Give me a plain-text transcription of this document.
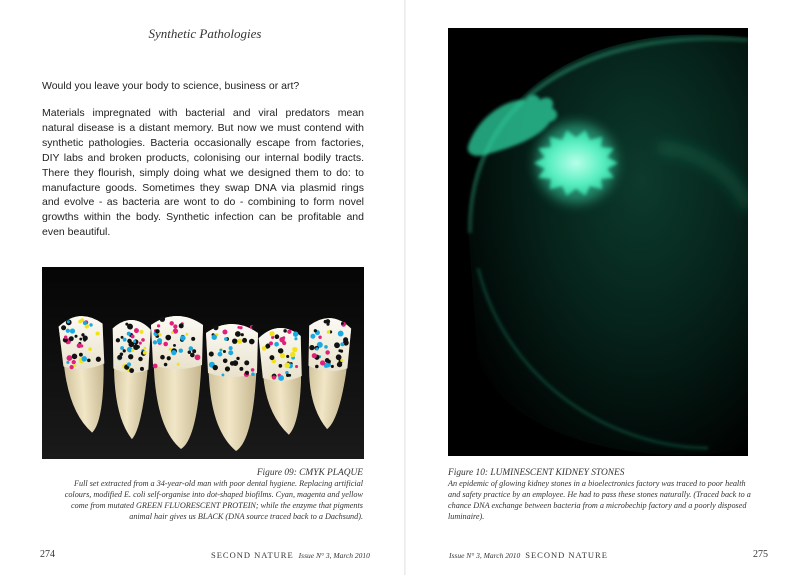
Synthetic Pathologies
Would you leave your body to science, business or art?
Materials impregnated with bacterial and viral predators mean natural disease is a distant memory. But now we must contend with synthetic pathologies. Bacteria occasionally escape from factories, DIY labs and broken products, colonising our internal bodily tracts. There they flourish, simply doing what we designed them to do: to manufacture goods. Sometimes they swap DNA via plasmid rings and evolve - as bacteria are wont to do - combining to form novel growths within the body. Synthetic infection can be profitable and even beautiful.
Figure 09: CMYK PLAQUE
Full set extracted from a 34-year-old man with poor dental hygiene. Replacing artificial colours, modified E. coli self-organise into dot-shaped biofilms. Cyan, magenta and yellow come from mutated GREEN FLUORESCENT PROTEIN; while the enzyme that pigments animal hair gives us BLACK (DNA source traced back to a Dachsund).
274	SECOND NATURE Issue N° 3, March 2010
Figure 10: LUMINESCENT KIDNEY STONES
An epidemic of glowing kidney stones in a bioelectronics factory was traced to poor health and safety practice by an employee. He had to pass these stones naturally. (Traced back to a chance DNA exchange between bacteria from a microbechip factory and a poorly disposed luminaire).
Issue N° 3, March 2010 SECOND NATURE	275
